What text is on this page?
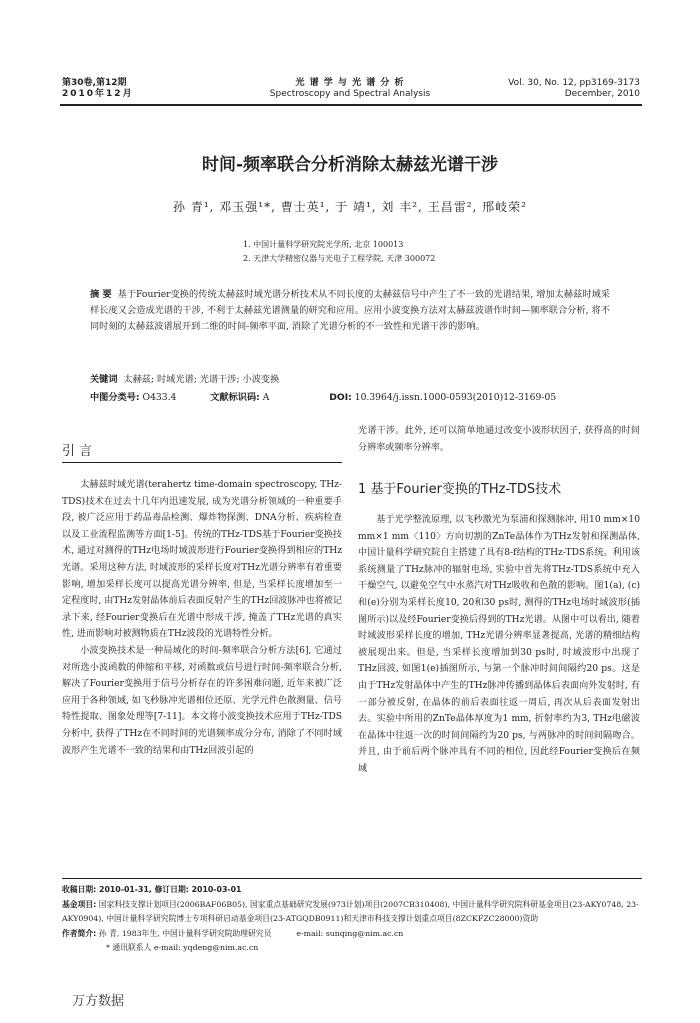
第30卷,第12期
2010年12月
光 谱 学 与 光 谱 分 析
Spectroscopy and Spectral Analysis
Vol. 30, No. 12, pp3169-3173
December, 2010
时间-频率联合分析消除太赫兹光谱干涉
孙 青¹, 邓玉强¹*, 曹士英¹, 于 靖¹, 刘 丰², 王昌雷², 邢岐荣²
1. 中国计量科学研究院光学所, 北京 100013
2. 天津大学精密仪器与光电子工程学院, 天津 300072
摘 要 基于Fourier变换的传统太赫兹时域光谱分析技术从不同长度的太赫兹信号中产生了不一致的光谱结果, 增加太赫兹时域采样长度又会造成光谱的干涉, 不利于太赫兹光谱测量的研究和应用。应用小波变换方法对太赫兹波谱作时间—频率联合分析, 将不同时刻的太赫兹波谱展开到二维的时间-频率平面, 消除了光谱分析的不一致性和光谱干涉的影响。
关键词 太赫兹; 时域光谱; 光谱干涉; 小波变换
中图分类号: O433.4	文献标识码: A	DOI: 10.3964/j.issn.1000-0593(2010)12-3169-05
引 言

太赫兹时域光谱(terahertz time-domain spectroscopy, THz-TDS)技术在过去十几年内迅速发展, 成为光谱分析领域的一种重要手段, 被广泛应用于药品毒品检测、爆炸物探测、DNA分析、疾病检查以及工业流程监测等方面[1-5]。传统的THz-TDS基于Fourier变换技术, 通过对测得的THz电场时域波形进行Fourier变换得到相应的THz光谱。采用这种方法, 时域波形的采样长度对THz光谱分辨率有着重要影响, 增加采样长度可以提高光谱分辨率, 但是, 当采样长度增加至一定程度时, 由THz发射晶体前后表面反射产生的THz回波脉冲也将被记录下来, 经Fourier变换后在光谱中形成干涉, 掩盖了THz光谱的真实性, 进而影响对被测物质在THz波段的光谱特性分析。

小波变换技术是一种局域化的时间-频率联合分析方法[6], 它通过对所选小波函数的伸缩和平移, 对函数或信号进行时间-频率联合分析, 解决了Fourier变换用于信号分析存在的许多困难问题, 近年来被广泛应用于各种领域, 如飞秒脉冲光谱相位还原、光学元件色散测量、信号特性提取、图象处理等[7-11]。本文将小波变换技术应用于THz-TDS分析中, 获得了THz在不同时间的光谱频率成分分布, 消除了不同时域波形产生光谱不一致的结果和由THz回波引起的

光谱干涉。此外, 还可以简单地通过改变小波形状因子, 获得高的时间分辨率或频率分辨率。
1 基于Fourier变换的THz-TDS技术

基于光学整流原理, 以飞秒激光为泵浦和探测脉冲, 用10 mm×10 mm×1 mm〈110〉方向切割的ZnTe晶体作为THz发射和探测晶体, 中国计量科学研究院自主搭建了具有8-f结构的THz-TDS系统。利用该系统测量了THz脉冲的辐射电场, 实验中首先将THz-TDS系统中充入干燥空气, 以避免空气中水蒸汽对THz吸收和色散的影响。图1(a), (c)和(e)分别为采样长度10, 20和30 ps时, 测得的THz电场时域波形(插图所示)以及经Fourier变换后得到的THz光谱。从图中可以看出, 随着时域波形采样长度的增加, THz光谱分辨率显著提高, 光谱的精细结构被展现出来。但是, 当采样长度增加到30 ps时, 时域波形中出现了THz回波, 如图1(e)插图所示, 与第一个脉冲时间间隔约20 ps。这是由于THz发射晶体中产生的THz脉冲传播到晶体后表面向外发射时, 有一部分被反射, 在晶体的前后表面往返一周后, 再次从后表面发射出去。实验中所用的ZnTe晶体厚度为1 mm, 折射率约为3, THz电磁波在晶体中往返一次的时间间隔约为20 ps, 与两脉冲的时间间隔吻合。并且, 由于前后两个脉冲具有不同的相位, 因此经Fourier变换后在频域

收稿日期: 2010-01-31, 修订日期: 2010-03-01
基金项目: 国家科技支撑计划项目(2006BAF06B05), 国家重点基础研究发展(973计划)项目(2007CB310408), 中国计量科学研究院科研基金项目(23-AKY0748, 23-AKY0904), 中国计量科学研究院博士专项科研启动基金项目(23-ATGQDB0911)和天津市科技支撑计划重点项目(8ZCKFZC28000)资助
作者简介: 孙 青, 1983年生, 中国计量科学研究院助理研究员	e-mail: sunqing@nim.ac.cn
* 通讯联系人 e-mail: yqdeng@nim.ac.cn
万方数据
